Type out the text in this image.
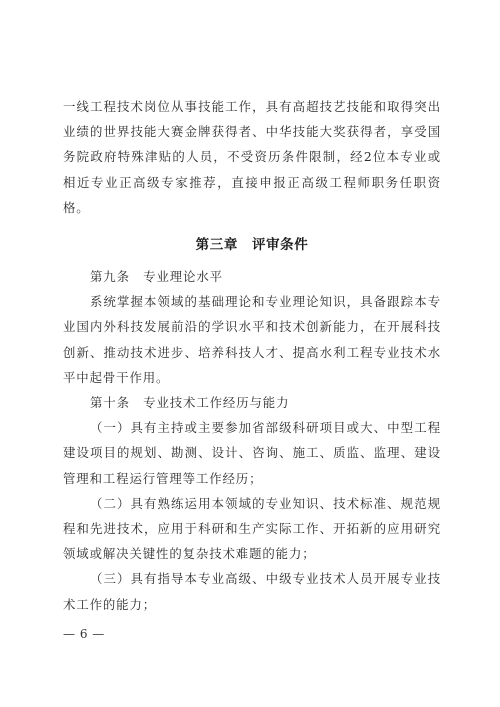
一线工程技术岗位从事技能工作，具有高超技艺技能和取得突出业绩的世界技能大赛金牌获得者、中华技能大奖获得者，享受国务院政府特殊津贴的人员，不受资历条件限制，经2位本专业或相近专业正高级专家推荐，直接申报正高级工程师职务任职资格。

第三章 评审条件

第九条　专业理论水平

系统掌握本领域的基础理论和专业理论知识，具备跟踪本专业国内外科技发展前沿的学识水平和技术创新能力，在开展科技创新、推动技术进步、培养科技人才、提高水利工程专业技术水平中起骨干作用。

第十条　专业技术工作经历与能力

（一）具有主持或主要参加省部级科研项目或大、中型工程建设项目的规划、勘测、设计、咨询、施工、质监、监理、建设管理和工程运行管理等工作经历；

（二）具有熟练运用本领域的专业知识、技术标准、规范规程和先进技术，应用于科研和生产实际工作、开拓新的应用研究领域或解决关键性的复杂技术难题的能力；

（三）具有指导本专业高级、中级专业技术人员开展专业技术工作的能力；

— 6 —
